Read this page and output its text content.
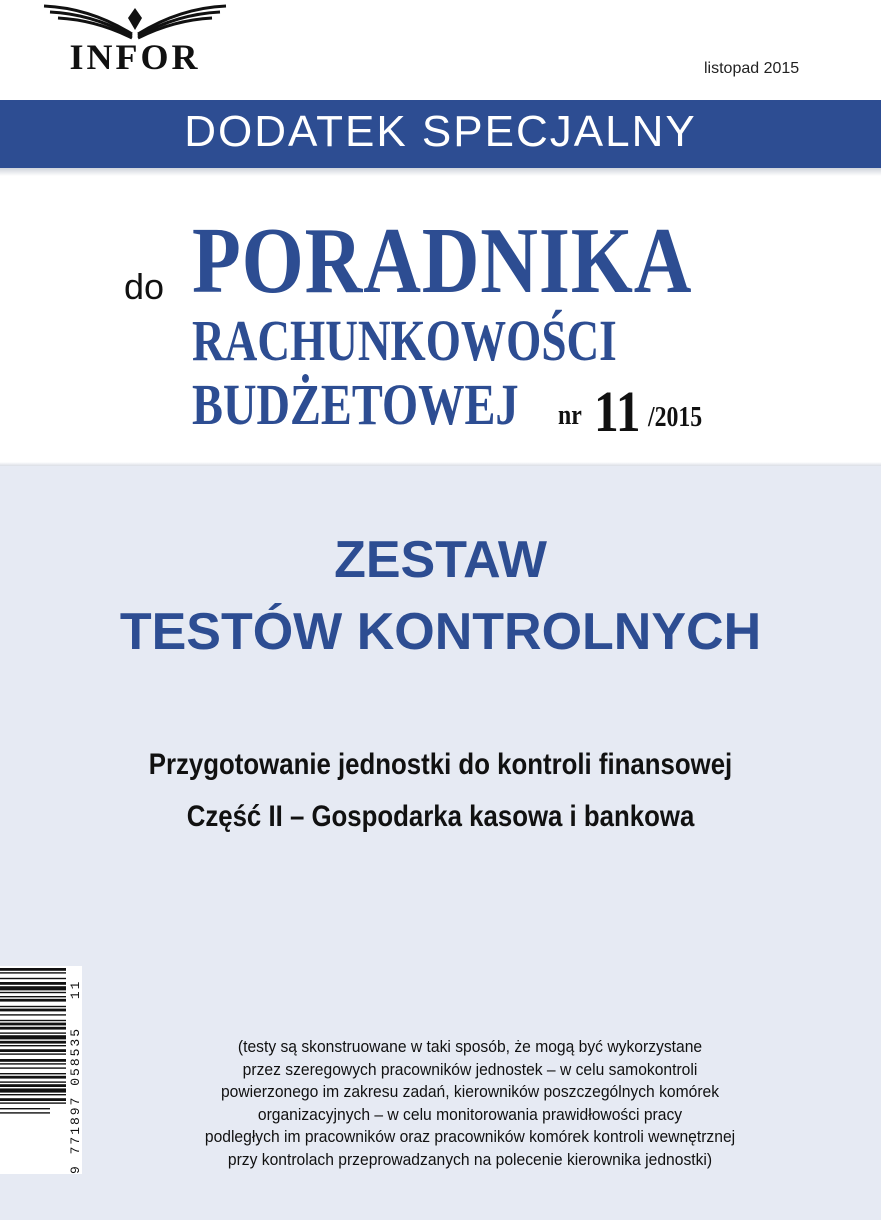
INFOR	listopad 2015
DODATEK SPECJALNY
do PORADNIKA
RACHUNKOWOŚCI
BUDŻETOWEJ nr 11 /2015
ZESTAW
TESTÓW KONTROLNYCH
Przygotowanie jednostki do kontroli finansowej
Część II – Gospodarka kasowa i bankowa
(testy są skonstruowane w taki sposób, że mogą być wykorzystane
przez szeregowych pracowników jednostek – w celu samokontroli
powierzonego im zakresu zadań, kierowników poszczególnych komórek
organizacyjnych – w celu monitorowania prawidłowości pracy
podległych im pracowników oraz pracowników komórek kontroli wewnętrznej
przy kontrolach przeprowadzanych na polecenie kierownika jednostki)
9 771897 058535 11
